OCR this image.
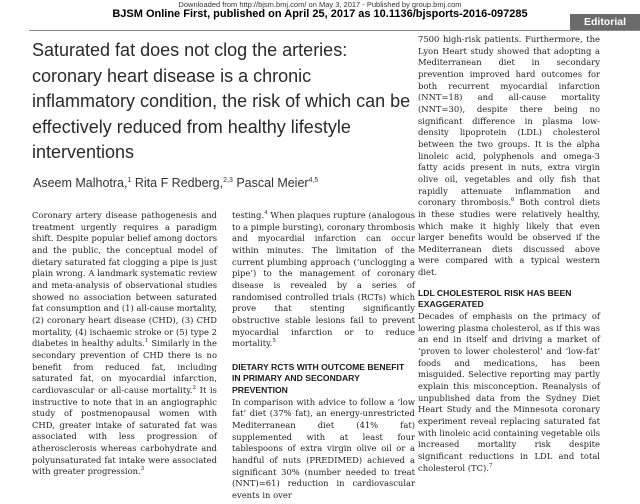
Downloaded from http://bjsm.bmj.com/ on May 3, 2017 - Published by group.bmj.com
BJSM Online First, published on April 25, 2017 as 10.1136/bjsports-2016-097285
Editorial
Saturated fat does not clog the arteries: coronary heart disease is a chronic inflammatory condition, the risk of which can be effectively reduced from healthy lifestyle interventions
Aseem Malhotra,$^1$ Rita F Redberg,$^{2,3}$ Pascal Meier$^{4,5}$

Coronary artery disease pathogenesis and treatment urgently requires a paradigm shift. Despite popular belief among doctors and the public, the conceptual model of dietary saturated fat clogging a pipe is just plain wrong. A landmark systematic review and meta-analysis of observational studies showed no association between saturated fat consumption and (1) all-cause mortality, (2) coronary heart disease (CHD), (3) CHD mortality, (4) ischaemic stroke or (5) type 2 diabetes in healthy adults.$^1$ Similarly in the secondary prevention of CHD there is no benefit from reduced fat, including saturated fat, on myocardial infarction, cardiovascular or all-cause mortality.$^2$ It is instructive to note that in an angiographic study of postmenopausal women with CHD, greater intake of saturated fat was associated with less progression of atherosclerosis whereas carbohydrate and polyunsaturated fat intake were associated with greater progression.$^3$

testing.$^4$ When plaques rupture (analogous to a pimple bursting), coronary thrombosis and myocardial infarction can occur within minutes. The limitation of the current plumbing approach (‘unclogging a pipe’) to the management of coronary disease is revealed by a series of randomised controlled trials (RCTs) which prove that stenting significantly obstructive stable lesions fail to prevent myocardial infarction or to reduce mortality.$^5$

DIETARY RCTS WITH OUTCOME BENEFIT IN PRIMARY AND SECONDARY PREVENTION

In comparison with advice to follow a ‘low fat’ diet (37% fat), an energy-unrestricted Mediterranean diet (41% fat) supplemented with at least four tablespoons of extra virgin olive oil or a handful of nuts (PREDIMED) achieved a significant 30% (number needed to treat (NNT)=61) reduction in cardiovascular events in over

7500 high-risk patients. Furthermore, the Lyon Heart study showed that adopting a Mediterranean diet in secondary prevention improved hard outcomes for both recurrent myocardial infarction (NNT=18) and all-cause mortality (NNT=30), despite there being no significant difference in plasma low-density lipoprotein (LDL) cholesterol between the two groups. It is the alpha linoleic acid, polyphenols and omega-3 fatty acids present in nuts, extra virgin olive oil, vegetables and oily fish that rapidly attenuate inflammation and coronary thrombosis.$^6$ Both control diets in these studies were relatively healthy, which make it highly likely that even larger benefits would be observed if the Mediterranean diets discussed above were compared with a typical western diet.

LDL CHOLESTEROL RISK HAS BEEN EXAGGERATED

Decades of emphasis on the primacy of lowering plasma cholesterol, as if this was an end in itself and driving a market of ‘proven to lower cholesterol’ and ‘low-fat’ foods and medications, has been misguided. Selective reporting may partly explain this misconception. Reanalysis of unpublished data from the Sydney Diet Heart Study and the Minnesota coronary experiment reveal replacing saturated fat with linoleic acid containing vegetable oils increased mortality risk despite significant reductions in LDL and total cholesterol (TC).$^7$
